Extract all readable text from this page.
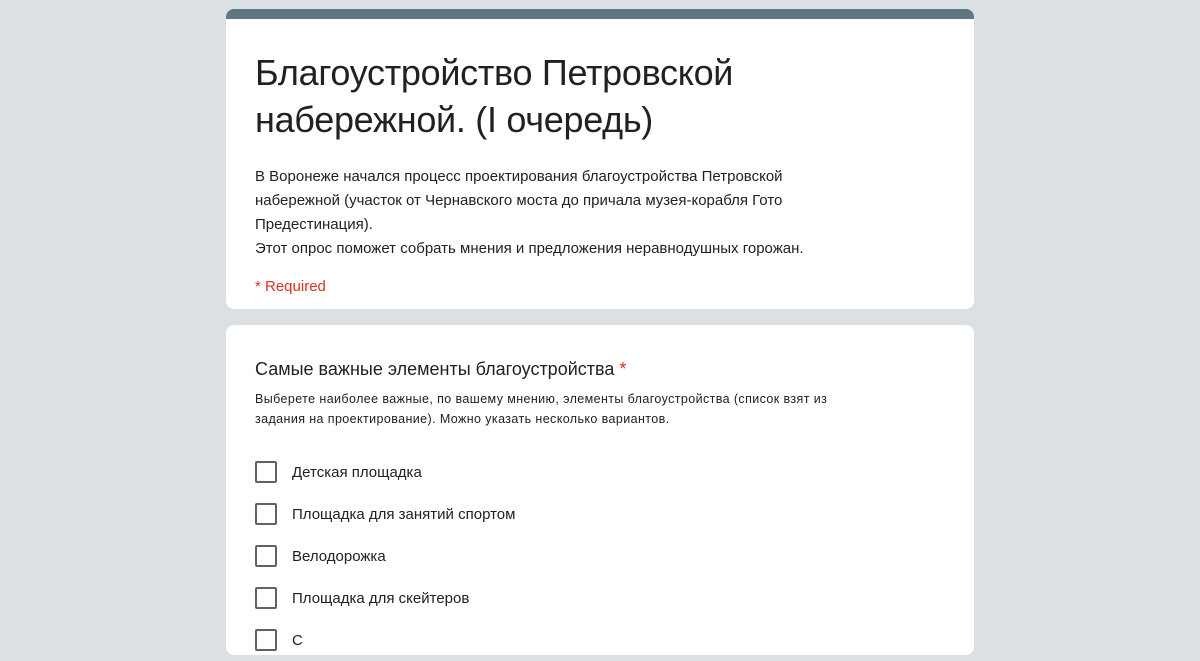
Благоустройство Петровской
набережной. (I очередь)

В Воронеже начался процесс проектирования благоустройства Петровской

набережной (участок от Чернавского моста до причала музея-корабля Гото

Предестинация).

Этот опрос поможет собрать мнения и предложения неравнодушных горожан.

* Required
Самые важные элементы благоустройства *
Выберете наиболее важные, по вашему мнению, элементы благоустройства (список взят из
задания на проектирование). Можно указать несколько вариантов.
Детская площадка
Площадка для занятий спортом
Велодорожка
Площадка для скейтеров
С
